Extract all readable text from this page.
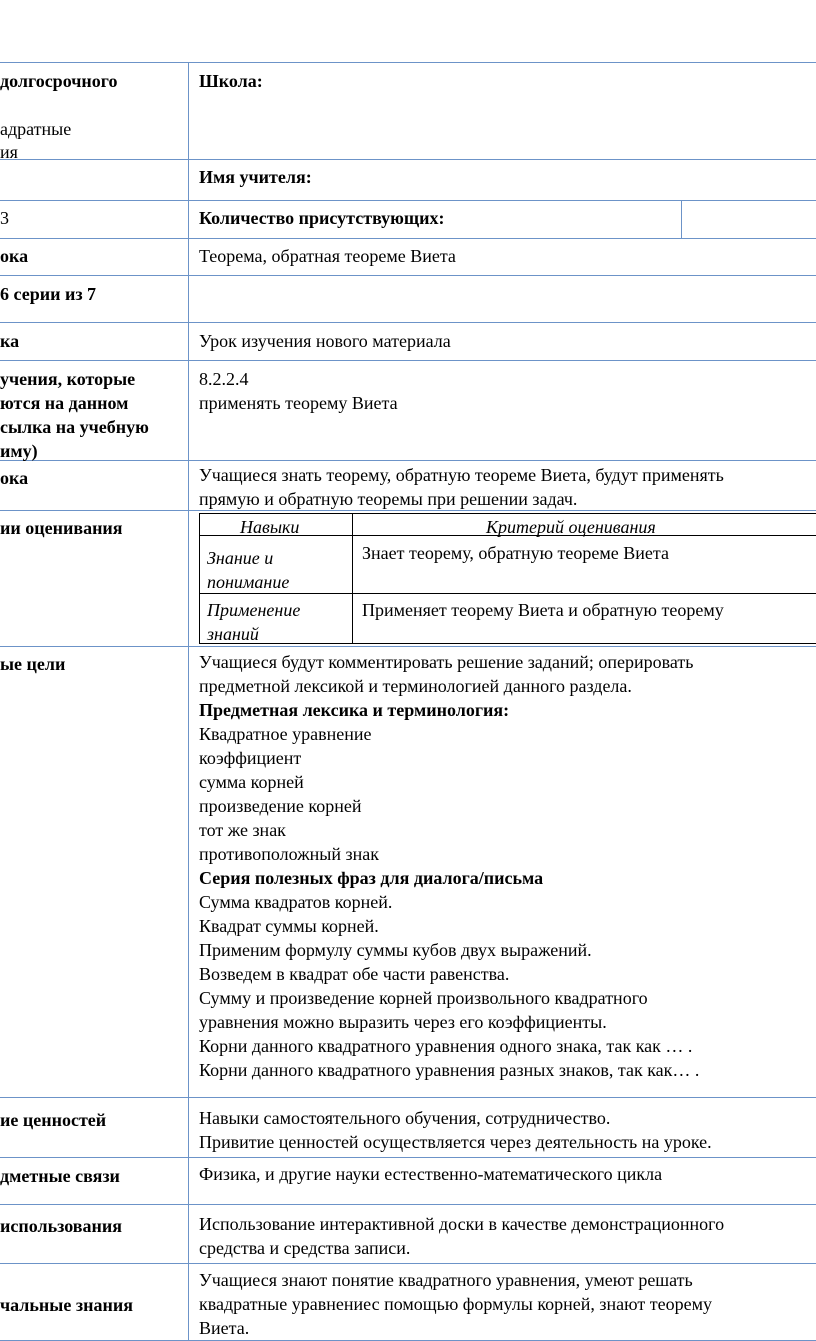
долгосрочного
адратные
ия
3
ока
6 серии из 7
ка
учения, которые
ются на данном
сылка на учебную
иму)
ока
ии оценивания
ые цели
ие ценностей
дметные связи
использования
чальные знания
Школа:
Имя учителя:
Количество присутствующих:
Теорема, обратная теореме Виета
Урок изучения нового материала
8.2.2.4
применять теорему Виета
Учащиеся знать теорему, обратную теореме Виета, будут применять
прямую и обратную теоремы при решении задач.
Навыки	Критерий оценивания
Знание и
понимание
Знает теорему, обратную теореме Виета
Применение
знаний
Применяет теорему Виета и обратную теорему
Учащиеся будут комментировать решение заданий; оперировать
предметной лексикой и терминологией данного раздела.
Предметная лексика и терминология:
Квадратное уравнение
коэффициент
сумма корней
произведение корней
тот же знак
противоположный знак
Серия полезных фраз для диалога/письма
Сумма квадратов корней.
Квадрат суммы корней.
Применим формулу суммы кубов двух выражений.
Возведем в квадрат обе части равенства.
Сумму и произведение корней произвольного квадратного
уравнения можно выразить через его коэффициенты.
Корни данного квадратного уравнения одного знака, так как … .
Корни данного квадратного уравнения разных знаков, так как… .
Навыки самостоятельного обучения, сотрудничество.
Привитие ценностей осуществляется через деятельность на уроке.
Физика, и другие науки естественно-математического цикла
Использование интерактивной доски в качестве демонстрационного
средства и средства записи.
Учащиеся знают понятие квадратного уравнения, умеют решать
квадратные уравнениес помощью формулы корней, знают теорему
Виета.
